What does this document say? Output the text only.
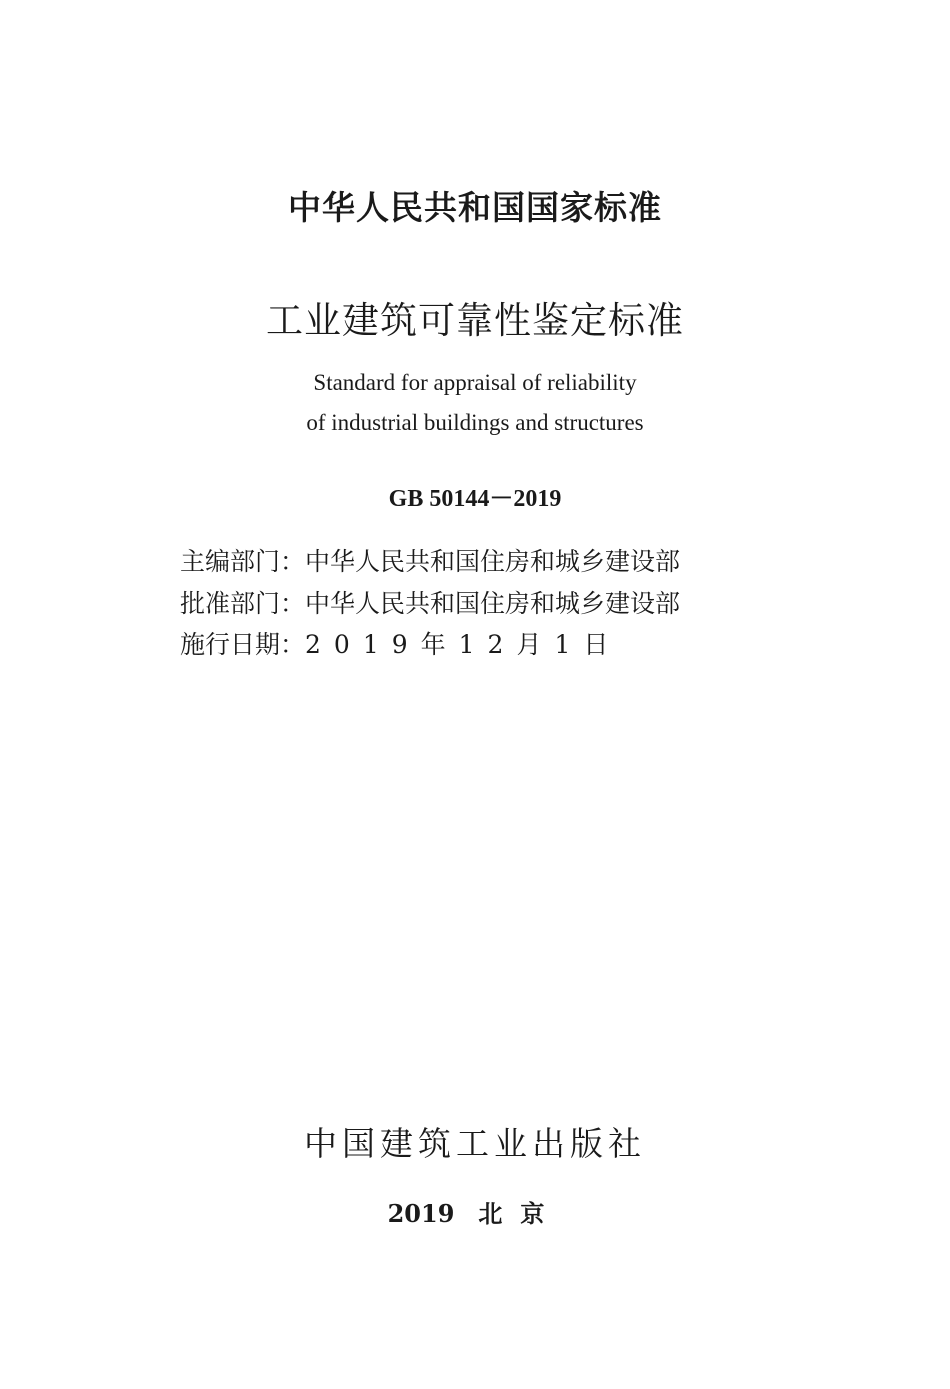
中华人民共和国国家标准
工业建筑可靠性鉴定标准
Standard for appraisal of reliability
of industrial buildings and structures
GB 50144－2019
主编部门：中华人民共和国住房和城乡建设部
批准部门：中华人民共和国住房和城乡建设部
施行日期：2019年12月1日
中国建筑工业出版社
2019 北京
